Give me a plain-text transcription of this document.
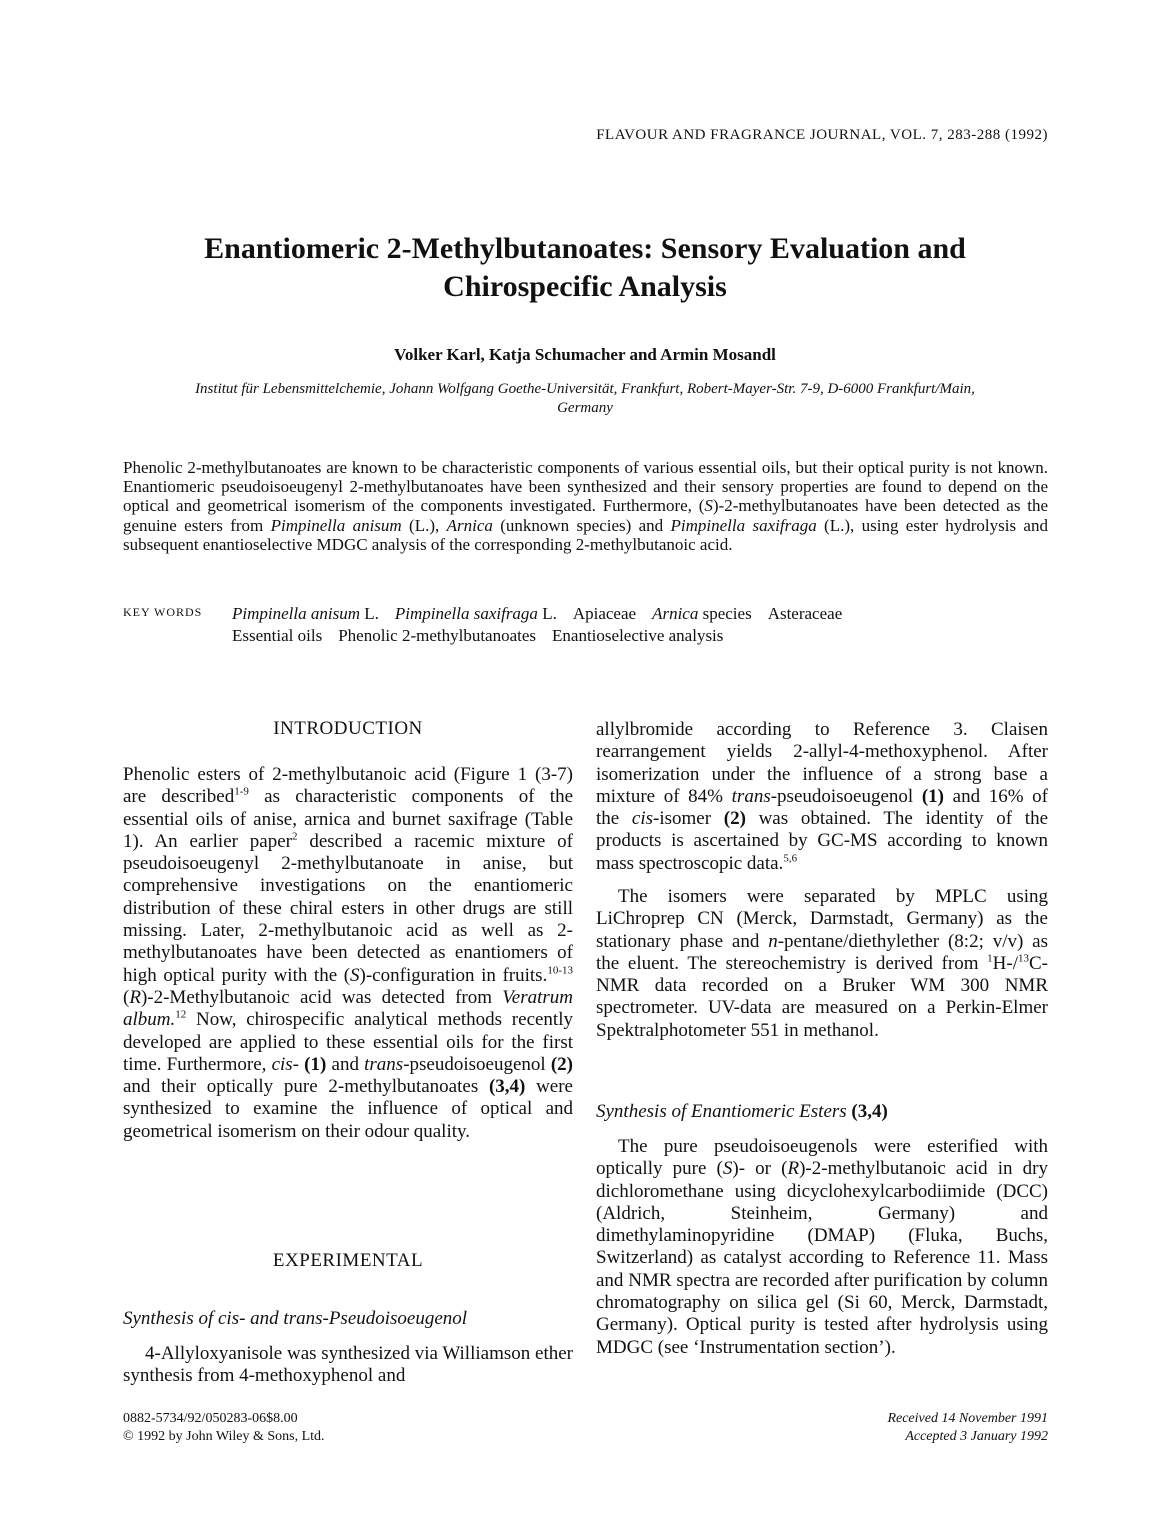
FLAVOUR AND FRAGRANCE JOURNAL, VOL. 7, 283-288 (1992)
Enantiomeric 2-Methylbutanoates: Sensory Evaluation and
Chirospecific Analysis
Volker Karl, Katja Schumacher and Armin Mosandl
Institut für Lebensmittelchemie, Johann Wolfgang Goethe-Universität, Frankfurt, Robert-Mayer-Str. 7-9, D-6000 Frankfurt/Main,
Germany
Phenolic 2-methylbutanoates are known to be characteristic components of various essential oils, but their optical purity is not known. Enantiomeric pseudoisoeugenyl 2-methylbutanoates have been synthesized and their sensory properties are found to depend on the optical and geometrical isomerism of the components investigated. Furthermore, (S)-2-methylbutanoates have been detected as the genuine esters from Pimpinella anisum (L.), Arnica (unknown species) and Pimpinella saxifraga (L.), using ester hydrolysis and subsequent enantioselective MDGC analysis of the corresponding 2-methylbutanoic acid.
KEY WORDS Pimpinella anisum L. Pimpinella saxifraga L. Apiaceae Arnica species Asteraceae
Essential oils Phenolic 2-methylbutanoates Enantioselective analysis
INTRODUCTION
Phenolic esters of 2-methylbutanoic acid (Figure 1 (3-7) are described$^{1-9}$ as characteristic components of the essential oils of anise, arnica and burnet saxifrage (Table 1). An earlier paper$^2$ described a racemic mixture of pseudoisoeugenyl 2-methylbutanoate in anise, but comprehensive investigations on the enantiomeric distribution of these chiral esters in other drugs are still missing. Later, 2-methylbutanoic acid as well as 2-methylbutanoates have been detected as enantiomers of high optical purity with the (S)-configuration in fruits.$^{10-13}$ (R)-2-Methylbutanoic acid was detected from Veratrum album.$^{12}$ Now, chirospecific analytical methods recently developed are applied to these essential oils for the first time. Furthermore, cis- (1) and trans-pseudoisoeugenol (2) and their optically pure 2-methylbutanoates (3,4) were synthesized to examine the influence of optical and geometrical isomerism on their odour quality.
EXPERIMENTAL
Synthesis of cis- and trans-Pseudoisoeugenol
4-Allyloxyanisole was synthesized via Williamson ether synthesis from 4-methoxyphenol and
allylbromide according to Reference 3. Claisen rearrangement yields 2-allyl-4-methoxyphenol. After isomerization under the influence of a strong base a mixture of 84% trans-pseudoisoeugenol (1) and 16% of the cis-isomer (2) was obtained. The identity of the products is ascertained by GC-MS according to known mass spectroscopic data.$^{5,6}$
The isomers were separated by MPLC using LiChroprep CN (Merck, Darmstadt, Germany) as the stationary phase and n-pentane/diethylether (8:2; v/v) as the eluent. The stereochemistry is derived from $^1$H-/$^{13}$C-NMR data recorded on a Bruker WM 300 NMR spectrometer. UV-data are measured on a Perkin-Elmer Spektralphotometer 551 in methanol.
Synthesis of Enantiomeric Esters (3,4)
The pure pseudoisoeugenols were esterified with optically pure (S)- or (R)-2-methylbutanoic acid in dry dichloromethane using dicyclohexylcarbodiimide (DCC) (Aldrich, Steinheim, Germany) and dimethylaminopyridine (DMAP) (Fluka, Buchs, Switzerland) as catalyst according to Reference 11. Mass and NMR spectra are recorded after purification by column chromatography on silica gel (Si 60, Merck, Darmstadt, Germany). Optical purity is tested after hydrolysis using MDGC (see ‘Instrumentation section’).
0882-5734/92/050283-06$8.00
© 1992 by John Wiley & Sons, Ltd.
Received 14 November 1991
Accepted 3 January 1992
